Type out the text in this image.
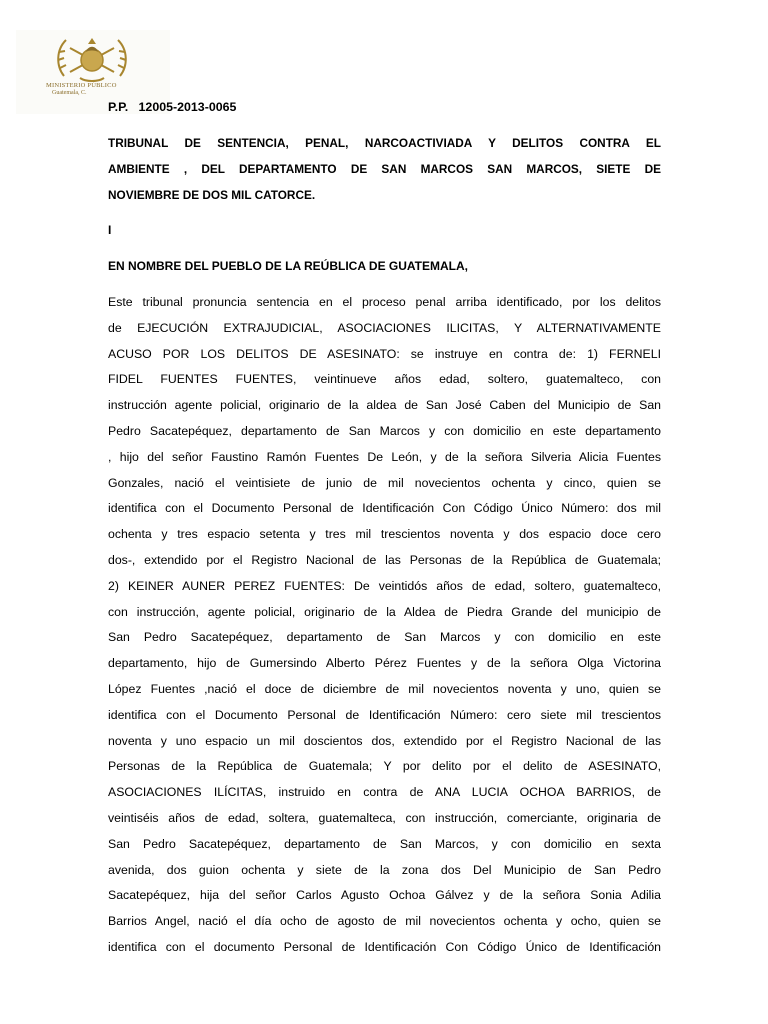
MINISTERIO PÚBLICO
Guatemala, C.
P.P.   12005-2013-0065
TRIBUNAL DE SENTENCIA, PENAL, NARCOACTIVIADA Y DELITOS CONTRA EL
AMBIENTE , DEL DEPARTAMENTO DE SAN MARCOS SAN MARCOS, SIETE DE
NOVIEMBRE DE DOS MIL CATORCE.
I
EN NOMBRE DEL PUEBLO DE LA REÚBLICA DE GUATEMALA,
Este tribunal pronuncia sentencia en el proceso penal arriba identificado, por los delitos
de EJECUCIÓN EXTRAJUDICIAL, ASOCIACIONES ILICITAS, Y ALTERNATIVAMENTE
ACUSO POR LOS DELITOS DE ASESINATO: se instruye en contra de: 1) FERNELI
FIDEL FUENTES FUENTES, veintinueve años edad, soltero, guatemalteco, con
instrucción agente policial, originario de la aldea de San José Caben del Municipio de San
Pedro Sacatepéquez, departamento de San Marcos y con domicilio en este departamento
, hijo del señor Faustino Ramón Fuentes De León, y de la señora Silveria Alicia Fuentes
Gonzales, nació el veintisiete de junio de mil novecientos ochenta y cinco, quien se
identifica con el Documento Personal de Identificación Con Código Único Número: dos mil
ochenta y tres espacio setenta y tres mil trescientos noventa y dos espacio doce cero
dos-, extendido por el Registro Nacional de las Personas de la República de Guatemala;
2) KEINER AUNER PEREZ FUENTES: De veintidós años de edad, soltero, guatemalteco,
con instrucción, agente policial, originario de la Aldea de Piedra Grande del municipio de
San Pedro Sacatepéquez, departamento de San Marcos y con domicilio en este
departamento, hijo de Gumersindo Alberto Pérez Fuentes y de la señora Olga Victorina
López Fuentes ,nació el doce de diciembre de mil novecientos noventa y uno, quien se
identifica con el Documento Personal de Identificación Número: cero siete mil trescientos
noventa y uno espacio un mil doscientos dos, extendido por el Registro Nacional de las
Personas de la República de Guatemala; Y por delito por el delito de ASESINATO,
ASOCIACIONES ILÍCITAS, instruido en contra de ANA LUCIA OCHOA BARRIOS, de
veintiséis años de edad, soltera, guatemalteca, con instrucción, comerciante, originaria de
San Pedro Sacatepéquez, departamento de San Marcos, y con domicilio en sexta
avenida, dos guion ochenta y siete de la zona dos Del Municipio de San Pedro
Sacatepéquez, hija del señor Carlos Agusto Ochoa Gálvez y de la señora Sonia Adilia
Barrios Angel, nació el día ocho de agosto de mil novecientos ochenta y ocho, quien se
identifica con el documento Personal de Identificación Con Código Único de Identificación
